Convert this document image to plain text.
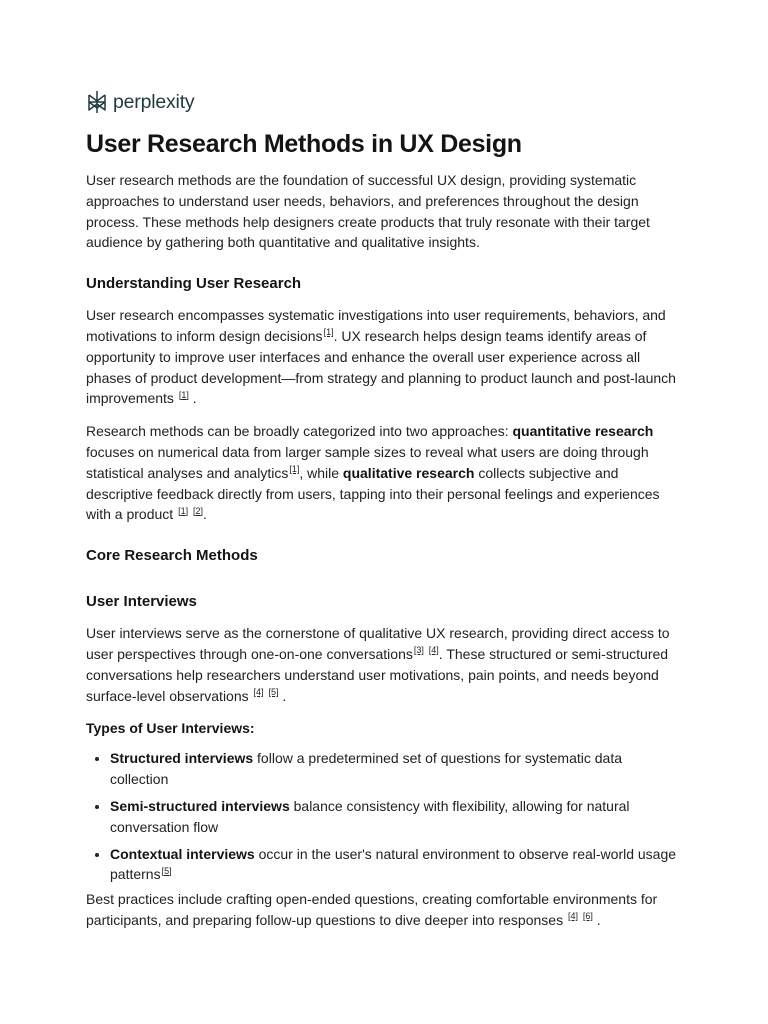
perplexity
User Research Methods in UX Design

User research methods are the foundation of successful UX design, providing systematic approaches to understand user needs, behaviors, and preferences throughout the design process. These methods help designers create products that truly resonate with their target audience by gathering both quantitative and qualitative insights.

Understanding User Research

User research encompasses systematic investigations into user requirements, behaviors, and motivations to inform design decisions[1]. UX research helps design teams identify areas of opportunity to improve user interfaces and enhance the overall user experience across all phases of product development—from strategy and planning to product launch and post-launch improvements [1] .

Research methods can be broadly categorized into two approaches: quantitative research focuses on numerical data from larger sample sizes to reveal what users are doing through statistical analyses and analytics[1], while qualitative research collects subjective and descriptive feedback directly from users, tapping into their personal feelings and experiences with a product [1] [2].

Core Research Methods
User Interviews

User interviews serve as the cornerstone of qualitative UX research, providing direct access to user perspectives through one-on-one conversations[3] [4]. These structured or semi-structured conversations help researchers understand user motivations, pain points, and needs beyond surface-level observations [4] [5] .

Types of User Interviews:
• Structured interviews follow a predetermined set of questions for systematic data collection
• Semi-structured interviews balance consistency with flexibility, allowing for natural conversation flow
• Contextual interviews occur in the user's natural environment to observe real-world usage patterns[5]

Best practices include crafting open-ended questions, creating comfortable environments for participants, and preparing follow-up questions to dive deeper into responses [4] [6] .
